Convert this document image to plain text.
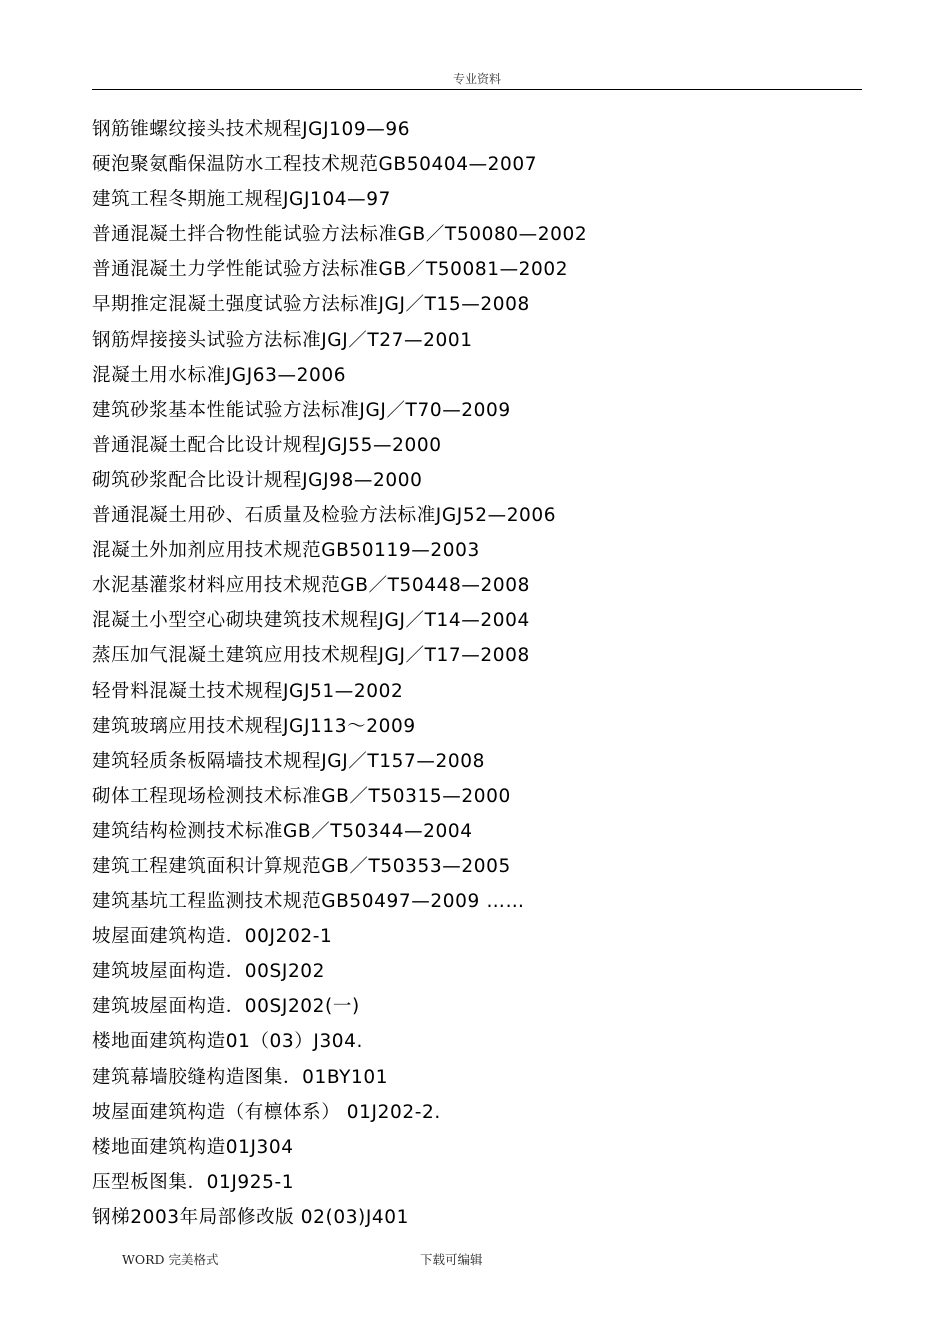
专业资料
钢筋锥螺纹接头技术规程JGJ109—96
硬泡聚氨酯保温防水工程技术规范GB50404—2007
建筑工程冬期施工规程JGJ104—97
普通混凝土拌合物性能试验方法标准GB／T50080—2002
普通混凝土力学性能试验方法标准GB／T50081—2002
早期推定混凝土强度试验方法标准JGJ／T15—2008
钢筋焊接接头试验方法标准JGJ／T27—2001
混凝土用水标准JGJ63—2006
建筑砂浆基本性能试验方法标准JGJ／T70—2009
普通混凝土配合比设计规程JGJ55—2000
砌筑砂浆配合比设计规程JGJ98—2000
普通混凝土用砂、石质量及检验方法标准JGJ52—2006
混凝土外加剂应用技术规范GB50119—2003
水泥基灌浆材料应用技术规范GB／T50448—2008
混凝土小型空心砌块建筑技术规程JGJ／T14—2004
蒸压加气混凝土建筑应用技术规程JGJ／T17—2008
轻骨料混凝土技术规程JGJ51—2002
建筑玻璃应用技术规程JGJ113～2009
建筑轻质条板隔墙技术规程JGJ／T157—2008
砌体工程现场检测技术标准GB／T50315—2000
建筑结构检测技术标准GB／T50344—2004
建筑工程建筑面积计算规范GB／T50353—2005
建筑基坑工程监测技术规范GB50497—2009 ……
坡屋面建筑构造．00J202-1
建筑坡屋面构造．00SJ202
建筑坡屋面构造．00SJ202(一)
楼地面建筑构造01（03）J304.
建筑幕墙胶缝构造图集．01BY101
坡屋面建筑构造（有檩体系） 01J202-2.
楼地面建筑构造01J304
压型板图集．01J925-1
钢梯2003年局部修改版 02(03)J401
WORD 完美格式	下载可编辑
